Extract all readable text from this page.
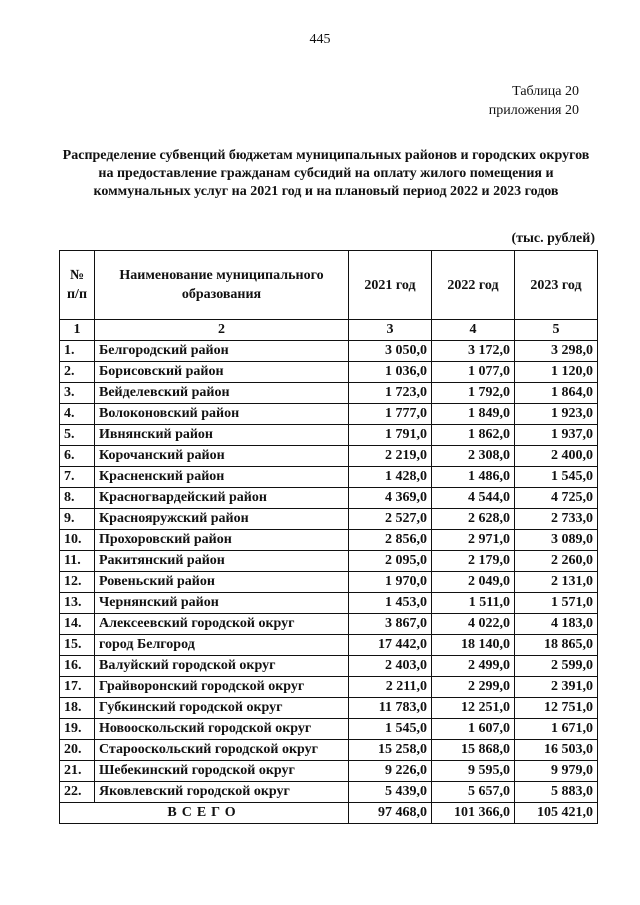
445
Таблица 20
приложения 20
Распределение субвенций бюджетам муниципальных районов и городских округов на предоставление гражданам субсидий на оплату жилого помещения и коммунальных услуг на 2021 год и на плановый период 2022 и 2023 годов
(тыс. рублей)
№ п/п	Наименование муниципального образования	2021 год	2022 год	2023 год
1	2	3	4	5
1.	Белгородский район	3 050,0	3 172,0	3 298,0
2.	Борисовский район	1 036,0	1 077,0	1 120,0
3.	Вейделевский район	1 723,0	1 792,0	1 864,0
4.	Волоконовский район	1 777,0	1 849,0	1 923,0
5.	Ивнянский район	1 791,0	1 862,0	1 937,0
6.	Корочанский район	2 219,0	2 308,0	2 400,0
7.	Красненский район	1 428,0	1 486,0	1 545,0
8.	Красногвардейский район	4 369,0	4 544,0	4 725,0
9.	Краснояружский район	2 527,0	2 628,0	2 733,0
10.	Прохоровский район	2 856,0	2 971,0	3 089,0
11.	Ракитянский район	2 095,0	2 179,0	2 260,0
12.	Ровеньский район	1 970,0	2 049,0	2 131,0
13.	Чернянский район	1 453,0	1 511,0	1 571,0
14.	Алексеевский городской округ	3 867,0	4 022,0	4 183,0
15.	город Белгород	17 442,0	18 140,0	18 865,0
16.	Валуйский городской округ	2 403,0	2 499,0	2 599,0
17.	Грайворонский городской округ	2 211,0	2 299,0	2 391,0
18.	Губкинский городской округ	11 783,0	12 251,0	12 751,0
19.	Новооскольский городской округ	1 545,0	1 607,0	1 671,0
20.	Старооскольский городской округ	15 258,0	15 868,0	16 503,0
21.	Шебекинский городской округ	9 226,0	9 595,0	9 979,0
22.	Яковлевский городской округ	5 439,0	5 657,0	5 883,0
ВСЕГО		97 468,0	101 366,0	105 421,0
